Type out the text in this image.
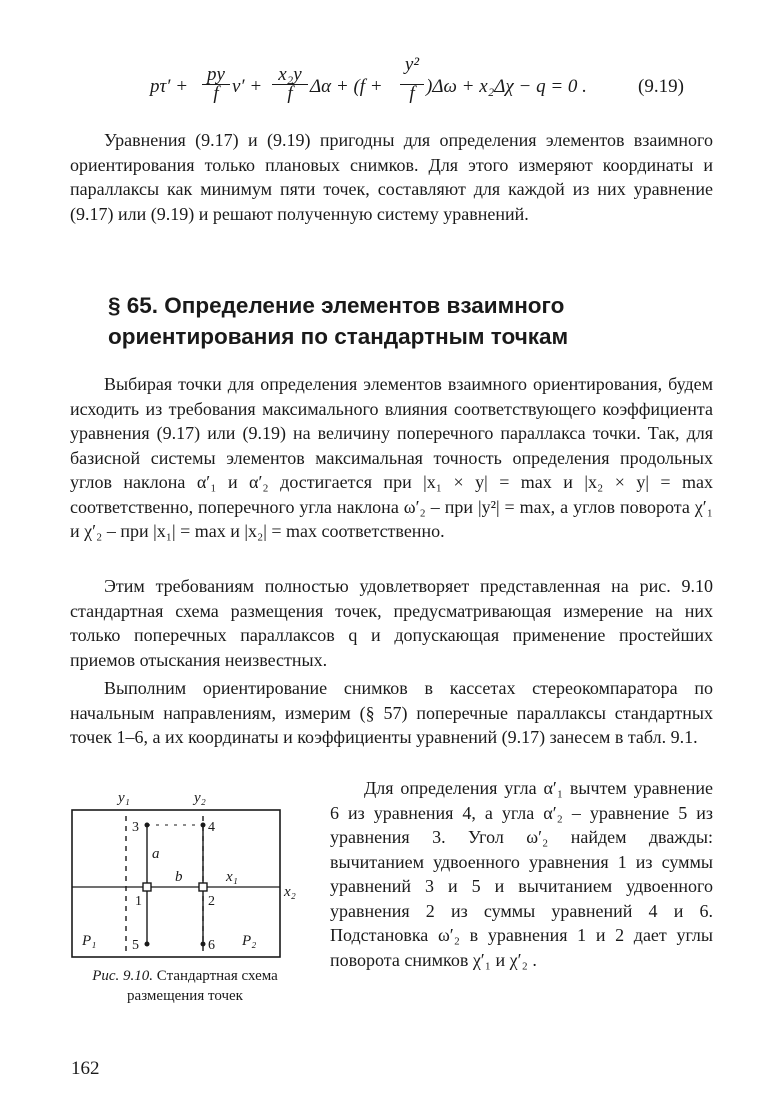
$p\tau' + \frac{py}{f} \nu' + \frac{\text{x₂y}}{f}$ $\Delta\alpha + (f + \frac{\text{y²}}{f} )\Delta\omega + x_2\Delta\chi - q = 0$ .	(9.19)

Уравнения (9.17) и (9.19) пригодны для определения элементов взаимного ориентирования только плановых снимков. Для этого измеряют координаты и параллаксы как минимум пяти точек, составляют для каждой из них уравнение (9.17) или (9.19) и решают полученную систему уравнений.

§ 65. Определение элементов взаимного
ориентирования по стандартным точкам

Выбирая точки для определения элементов взаимного ориентирования, будем исходить из требования максимального влияния соответствующего коэффициента уравнения (9.17) или (9.19) на величину поперечного параллакса точки. Так, для базисной системы элементов максимальная точность определения продольных углов наклона α′₁ и α′₂ достигается при |x₁ × y| = max и |x₂ × y| = max соответственно, поперечного угла наклона ω′₂ – при |y²| = max, а углов поворота χ′₁ и χ′₂ – при |x₁| = max и |x₂| = max соответственно.

Этим требованиям полностью удовлетворяет представленная на рис. 9.10 стандартная схема размещения точек, предусматривающая измерение на них только поперечных параллаксов q и допускающая применение простейших приемов отыскания неизвестных.

Выполним ориентирование снимков в кассетах стереокомпаратора по начальным направлениям, измерим (§ 57) поперечные параллаксы стандартных точек 1–6, а их координаты и коэффициенты уравнений (9.17) занесем в табл. 9.1.

Для определения угла α′₁ вычтем уравнение 6 из уравнения 4, а угла α′₂ – уравнение 5 из уравнения 3. Угол ω′₂ найдем дважды: вычитанием удвоенного уравнения 1 из суммы уравнений 3 и 5 и вычитанием удвоенного уравнения 2 из суммы уравнений 4 и 6. Подстановка ω′₂ в уравнения 1 и 2 дает углы поворота снимков χ′₁ и χ′₂ .

y₁	y₂
x₁
x₂
a
b
P₁	P₂
3	4
1	2
5	6
Рис. 9.10. Стандартная схема размещения точек
162
